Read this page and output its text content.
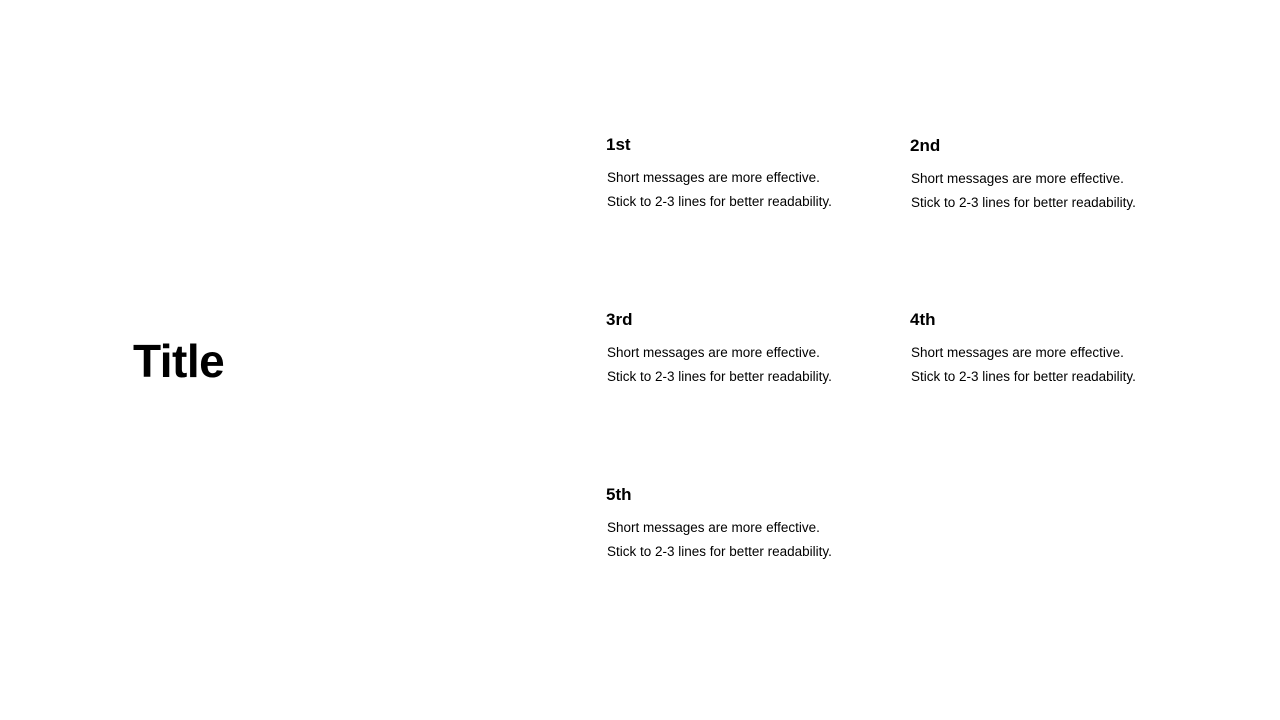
Title
1st

Short messages are more effective.
Stick to 2-3 lines for better readability.

2nd

Short messages are more effective.
Stick to 2-3 lines for better readability.

3rd

Short messages are more effective.
Stick to 2-3 lines for better readability.

4th

Short messages are more effective.
Stick to 2-3 lines for better readability.

5th

Short messages are more effective.
Stick to 2-3 lines for better readability.
